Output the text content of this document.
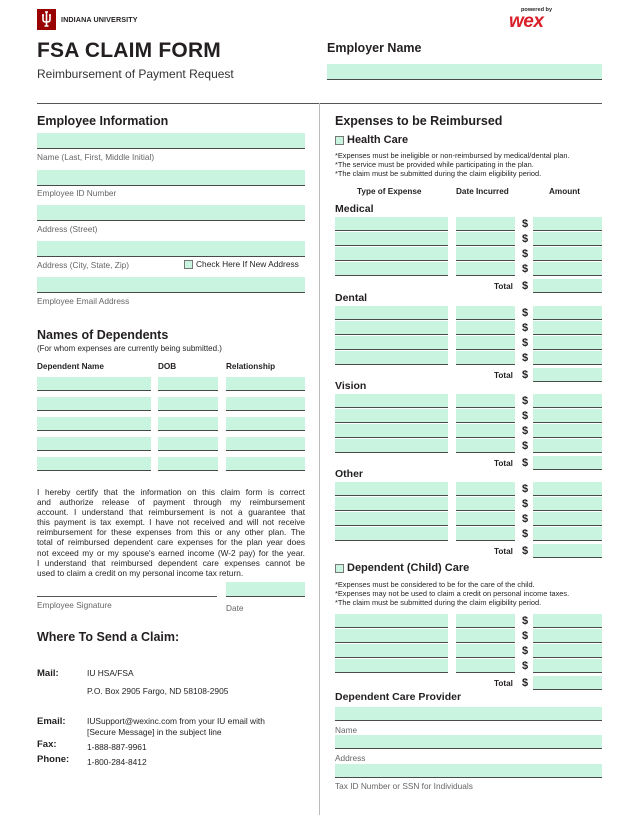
INDIANA UNIVERSITY
powered by
wex
FSA CLAIM FORM
Reimbursement of Payment Request
Employer Name
Employee Information
Name (Last, First, Middle Initial)
Employee ID Number
Address (Street)
Address (City, State, Zip)	Check Here If New Address
Employee Email Address
Names of Dependents
(For whom expenses are currently being submitted.)
Dependent Name	DOB	Relationship
I hereby certify that the information on this claim form is correct
and authorize release of payment through my reimbursement
account. I understand that reimbursement is not a guarantee that
this payment is tax exempt. I have not received and will not receive
reimbursement for these expenses from this or any other plan. The
total of reimbursed dependent care expenses for the plan year does
not exceed my or my spouse's earned income (W-2 pay) for the year.
I understand that reimbursed dependent care expenses cannot be
used to claim a credit on my personal income tax return.
Employee Signature	Date
Where To Send a Claim:
Mail:	IU HSA/FSA
P.O. Box 2905 Fargo, ND 58108-2905
Email:	IUSupport@wexinc.com from your IU email with
[Secure Message] in the subject line
Fax:	1-888-887-9961
Phone: 1-800-284-8412
Expenses to be Reimbursed
Health Care
*Expenses must be ineligible or non-reimbursed by medical/dental plan.
*The service must be provided while participating in the plan.
*The claim must be submitted during the claim eligibility period.
Type of Expense	Date Incurred	Amount
Medical
$
$
$
$
Total $
Dental
$
$
$
$
Total $
Vision
$
$
$
$
Total $
Other
$
$
$
$
Total $
Dependent (Child) Care
*Expenses must be considered to be for the care of the child.
*Expenses may not be used to claim a credit on personal income taxes.
*The claim must be submitted during the claim eligibility period.
$
$
$
$
Total $
Dependent Care Provider
Name
Address
Tax ID Number or SSN for Individuals
